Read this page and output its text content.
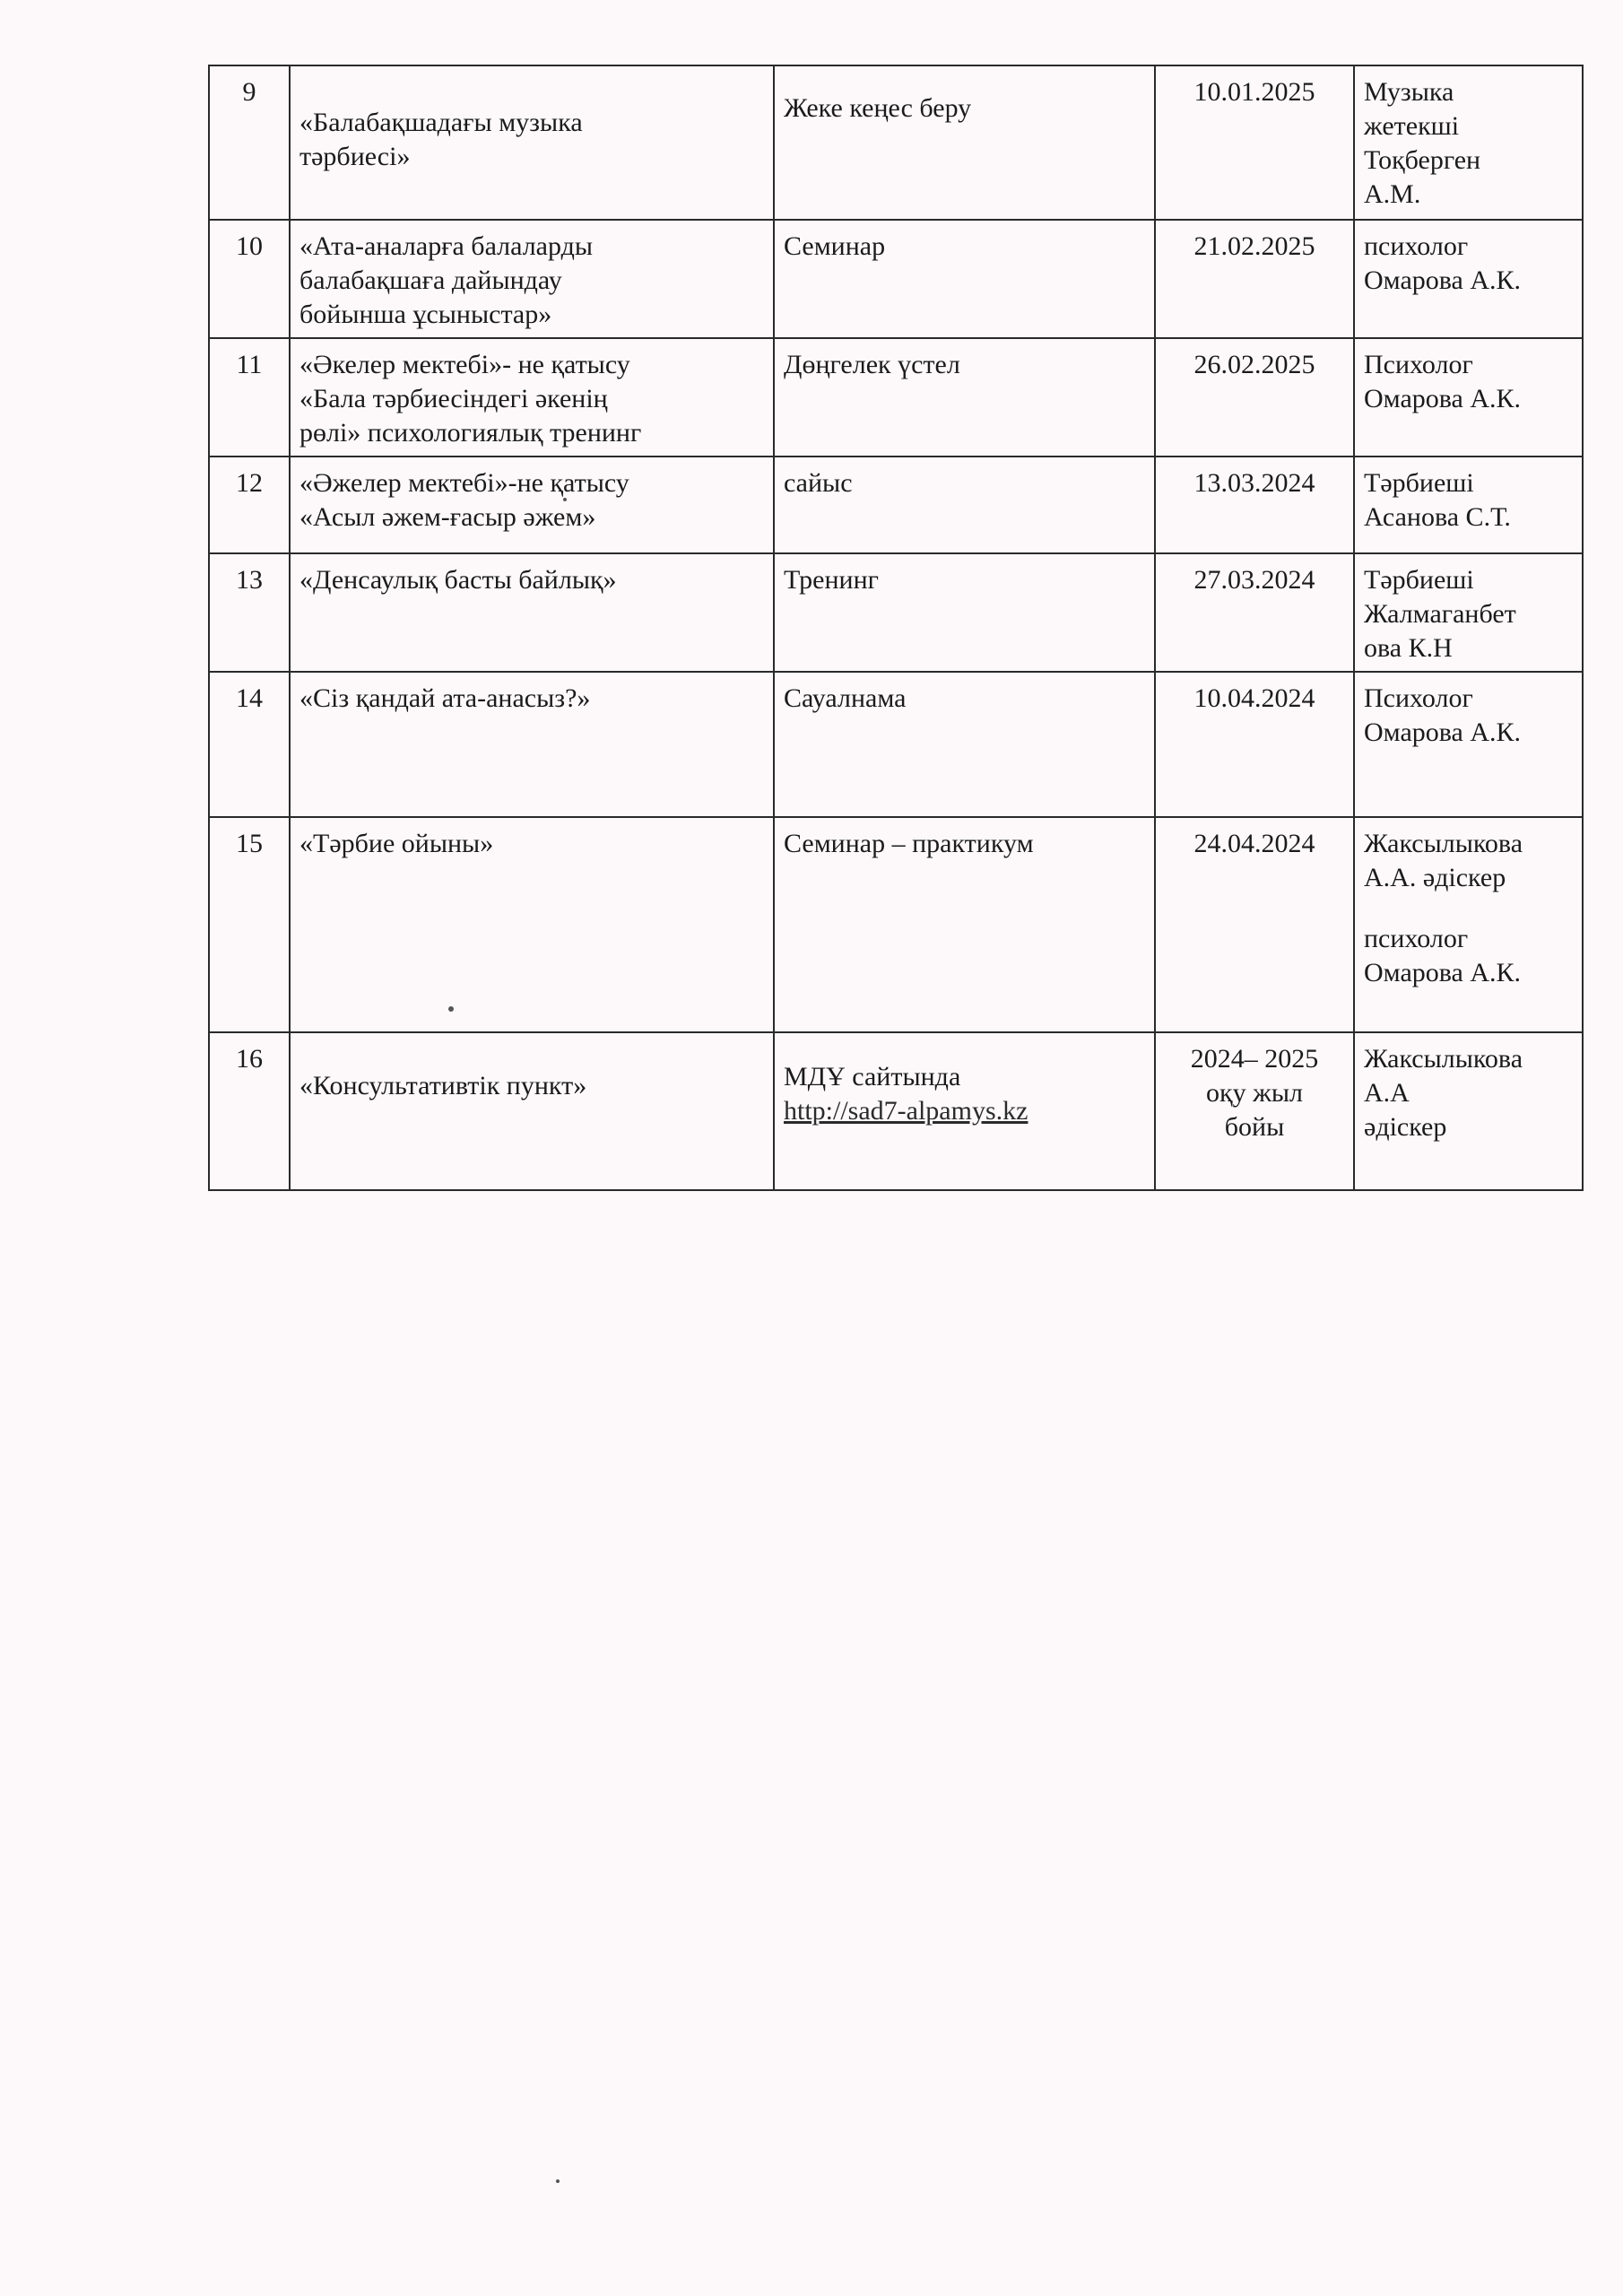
9	«Балабақшадағы музыка
тәрбиесі»	Жеке кеңес беру	10.01.2025	Музыка
жетекші
Тоқберген
А.М.

10	«Ата-аналарға балаларды
балабақшаға дайындау
бойынша ұсыныстар»	Семинар	21.02.2025	психолог
Омарова А.К.

11	«Әкелер мектебі»- не қатысу
«Бала тәрбиесіндегі әкенің
рөлі» психологиялық тренинг	Дөңгелек үстел	26.02.2025	Психолог
Омарова А.К.

12	«Әжелер мектебі»-не қатысу
«Асыл әжем-ғасыр әжем»	сайыс	13.03.2024	Тәрбиеші
Асанова С.Т.

13	«Денсаулық басты байлық»	Тренинг	27.03.2024	Тәрбиеші
Жалмаганбет
ова К.Н

14	«Сіз қандай ата-анасыз?»	Сауалнама	10.04.2024	Психолог
Омарова А.К.

15	«Тәрбие ойыны»	Семинар – практикум	24.04.2024	Жаксылыкова
А.А. әдіскер
психолог
Омарова А.К.

16	«Консультативтік пункт»	МДҰ сайтында
http://sad7-alpamys.kz	2024– 2025
оқу жыл
бойы	Жаксылыкова
А.А
әдіскер
